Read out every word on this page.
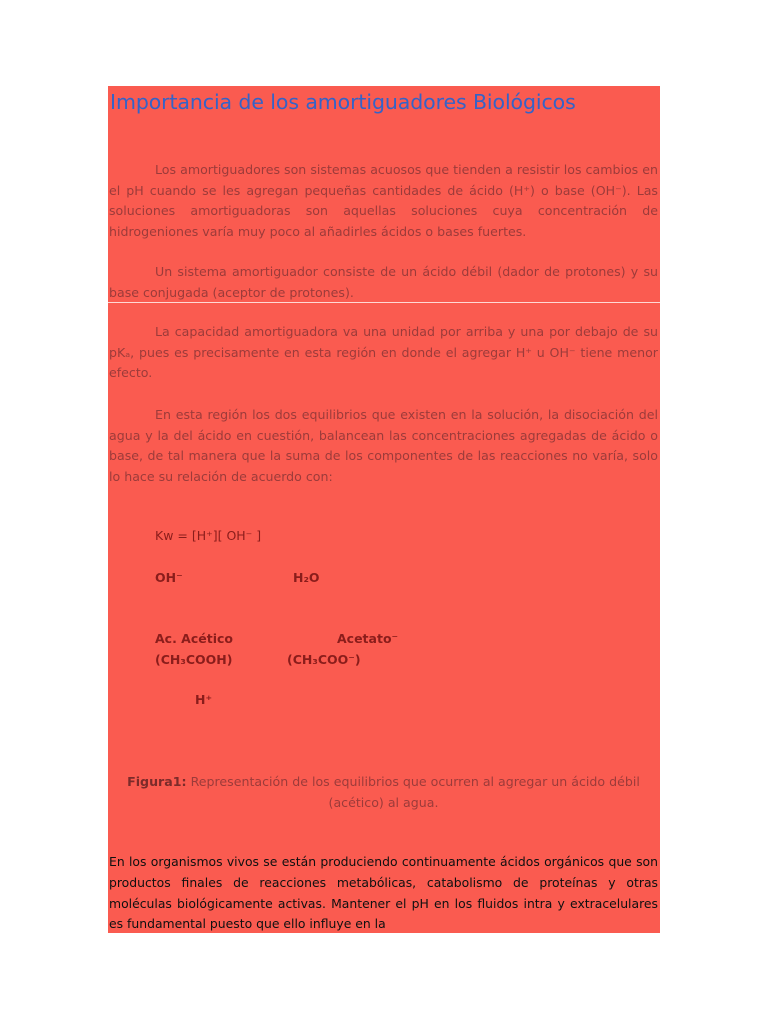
Importancia de los amortiguadores Biológicos

Los amortiguadores son sistemas acuosos que tienden a resistir los cambios en el pH cuando se les agregan pequeñas cantidades de ácido (H⁺) o base (OH⁻). Las soluciones amortiguadoras son aquellas soluciones cuya concentración de hidrogeniones varía muy poco al añadirles ácidos o bases fuertes.

Un sistema amortiguador consiste de un ácido débil (dador de protones) y su base conjugada (aceptor de protones).

La capacidad amortiguadora va una unidad por arriba y una por debajo de su pKₐ, pues es precisamente en esta región en donde el agregar H⁺ u OH⁻ tiene menor efecto.

En esta región los dos equilibrios que existen en la solución, la disociación del agua y la del ácido en cuestión, balancean las concentraciones agregadas de ácido o base, de tal manera que la suma de los componentes de las reacciones no varía, solo lo hace su relación de acuerdo con:

Kw = [H⁺][ OH⁻ ]
OH⁻	H₂O
Ac. Acético	Acetato⁻
(CH₃COOH)	(CH₃COO⁻)
H⁺

Figura1: Representación de los equilibrios que ocurren al agregar un ácido débil (acético) al agua.

En los organismos vivos se están produciendo continuamente ácidos orgánicos que son productos finales de reacciones metabólicas, catabolismo de proteínas y otras moléculas biológicamente activas. Mantener el pH en los fluidos intra y extracelulares es fundamental puesto que ello influye en la
